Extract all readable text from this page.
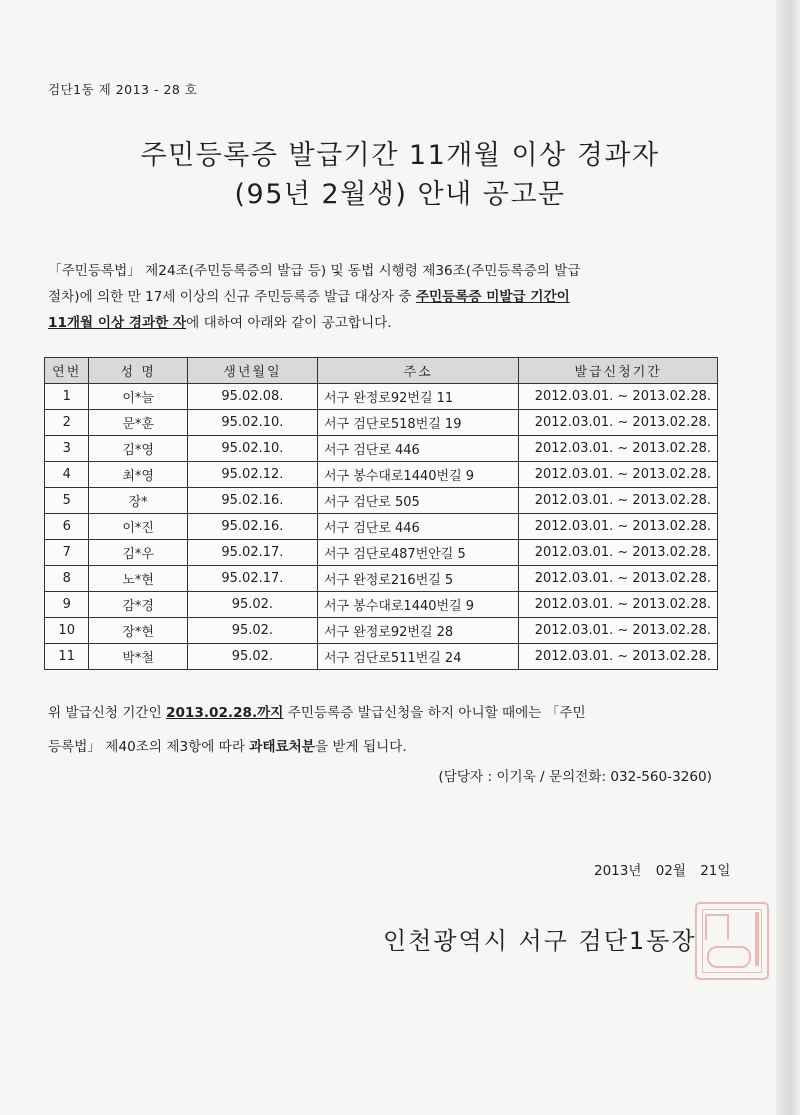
검단1동 제 2013 - 28 호
주민등록증 발급기간 11개월 이상 경과자
(95년 2월생) 안내 공고문

「주민등록법」 제24조(주민등록증의 발급 등) 및 동법 시행령 제36조(주민등록증의 발급
절차)에 의한 만 17세 이상의 신규 주민등록증 발급 대상자 중 주민등록증 미발급 기간이
11개월 이상 경과한 자에 대하여 아래와 같이 공고합니다.

연번	성 명	생년월일	주소	발급신청기간
1	이*늘	95.02.08.	서구 완정로92번길 11	2012.03.01. ~ 2013.02.28.
2	문*훈	95.02.10.	서구 검단로518번길 19	2012.03.01. ~ 2013.02.28.
3	김*영	95.02.10.	서구 검단로 446	2012.03.01. ~ 2013.02.28.
4	최*영	95.02.12.	서구 봉수대로1440번길 9	2012.03.01. ~ 2013.02.28.
5	장*	95.02.16.	서구 검단로 505	2012.03.01. ~ 2013.02.28.
6	이*진	95.02.16.	서구 검단로 446	2012.03.01. ~ 2013.02.28.
7	김*우	95.02.17.	서구 검단로487번안길 5	2012.03.01. ~ 2013.02.28.
8	노*현	95.02.17.	서구 완정로216번길 5	2012.03.01. ~ 2013.02.28.
9	감*경	95.02.	서구 봉수대로1440번길 9	2012.03.01. ~ 2013.02.28.
10	장*현	95.02.	서구 완정로92번길 28	2012.03.01. ~ 2013.02.28.
11	박*철	95.02.	서구 검단로511번길 24	2012.03.01. ~ 2013.02.28.

위 발급신청 기간인 2013.02.28.까지 주민등록증 발급신청을 하지 아니할 때에는 「주민
등록법」 제40조의 제3항에 따라 과태료처분을 받게 됩니다.

(담당자 : 이기욱 / 문의전화: 032-560-3260)
2013년 02월 21일
인천광역시 서구 검단1동장
